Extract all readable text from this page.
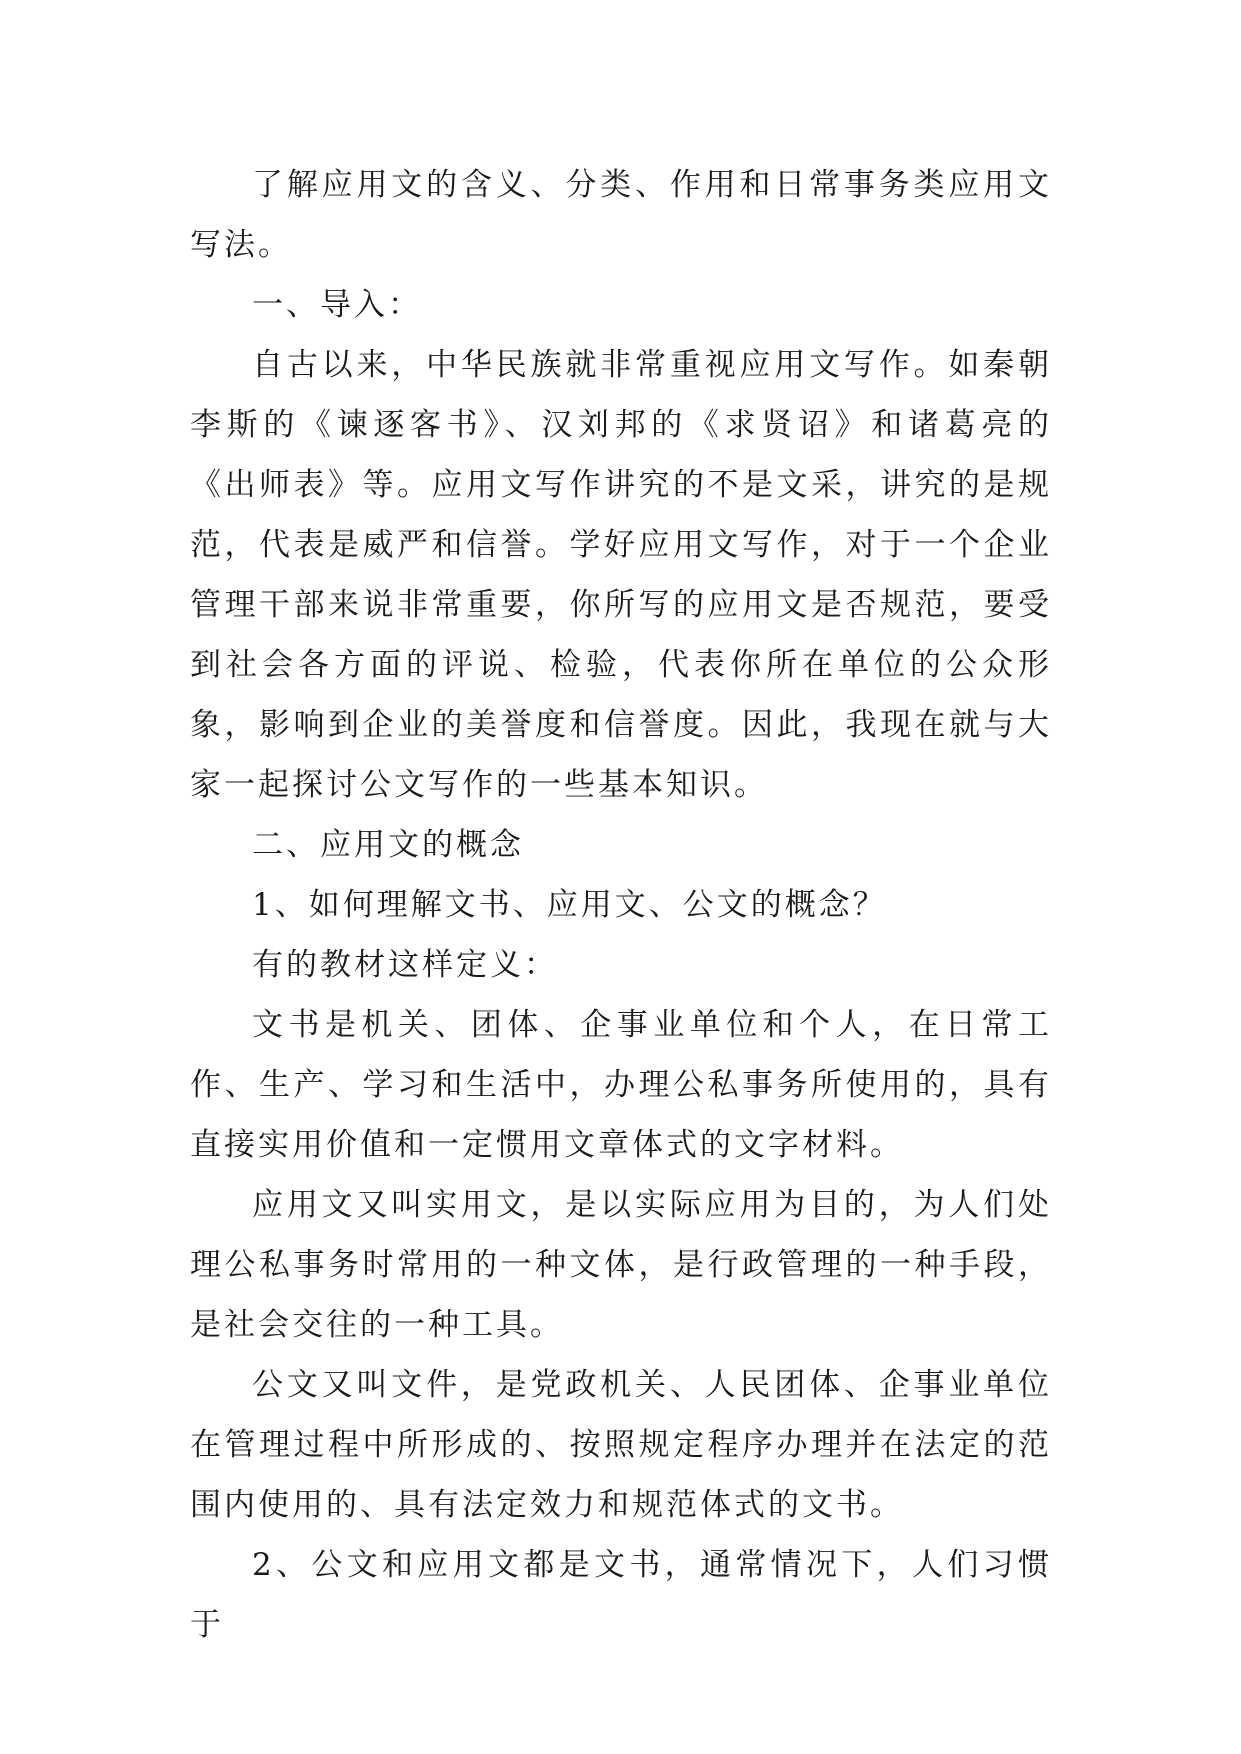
了解应用文的含义、分类、作用和日常事务类应用文写法。

一、导入：

自古以来，中华民族就非常重视应用文写作。如秦朝李斯的《谏逐客书》、汉刘邦的《求贤诏》和诸葛亮的《出师表》等。应用文写作讲究的不是文采，讲究的是规范，代表是威严和信誉。学好应用文写作，对于一个企业管理干部来说非常重要，你所写的应用文是否规范，要受到社会各方面的评说、检验，代表你所在单位的公众形象，影响到企业的美誉度和信誉度。因此，我现在就与大家一起探讨公文写作的一些基本知识。

二、应用文的概念

1、如何理解文书、应用文、公文的概念？

有的教材这样定义：

文书是机关、团体、企事业单位和个人，在日常工作、生产、学习和生活中，办理公私事务所使用的，具有直接实用价值和一定惯用文章体式的文字材料。

应用文又叫实用文，是以实际应用为目的，为人们处理公私事务时常用的一种文体，是行政管理的一种手段，是社会交往的一种工具。

公文又叫文件，是党政机关、人民团体、企事业单位在管理过程中所形成的、按照规定程序办理并在法定的范围内使用的、具有法定效力和规范体式的文书。

2、公文和应用文都是文书，通常情况下，人们习惯于
